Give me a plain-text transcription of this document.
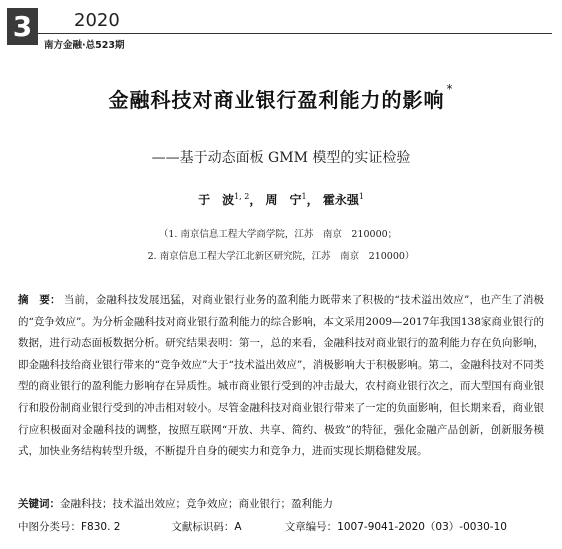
3	2020
南方金融·总523期
金融科技对商业银行盈利能力的影响 *
——基于动态面板 GMM 模型的实证检验
于　波$^{1, 2}$， 周　宁$^1$， 霍永强$^1$
（1. 南京信息工程大学商学院，江苏　南京　210000；
2. 南京信息工程大学江北新区研究院，江苏　南京　210000）
摘　要： 当前，金融科技发展迅猛，对商业银行业务的盈利能力既带来了积极的“技术溢出效应”，也产生了消极的“竞争效应”。为分析金融科技对商业银行盈利能力的综合影响，本文采用2009—2017年我国138家商业银行的数据，进行动态面板数据分析。研究结果表明：第一，总的来看，金融科技对商业银行的盈利能力存在负向影响，即金融科技给商业银行带来的“竞争效应”大于“技术溢出效应”，消极影响大于积极影响。第二，金融科技对不同类型的商业银行的盈利能力影响存在异质性。城市商业银行受到的冲击最大，农村商业银行次之，而大型国有商业银行和股份制商业银行受到的冲击相对较小。尽管金融科技对商业银行带来了一定的负面影响，但长期来看，商业银行应积极面对金融科技的调整，按照互联网“开放、共享、简约、极致”的特征，强化金融产品创新，创新服务模式，加快业务结构转型升级，不断提升自身的硬实力和竞争力，进而实现长期稳健发展。
关键词：金融科技；技术溢出效应；竞争效应；商业银行；盈利能力
中图分类号：F830. 2	文献标识码：A	文章编号：1007-9041-2020（03）-0030-10
